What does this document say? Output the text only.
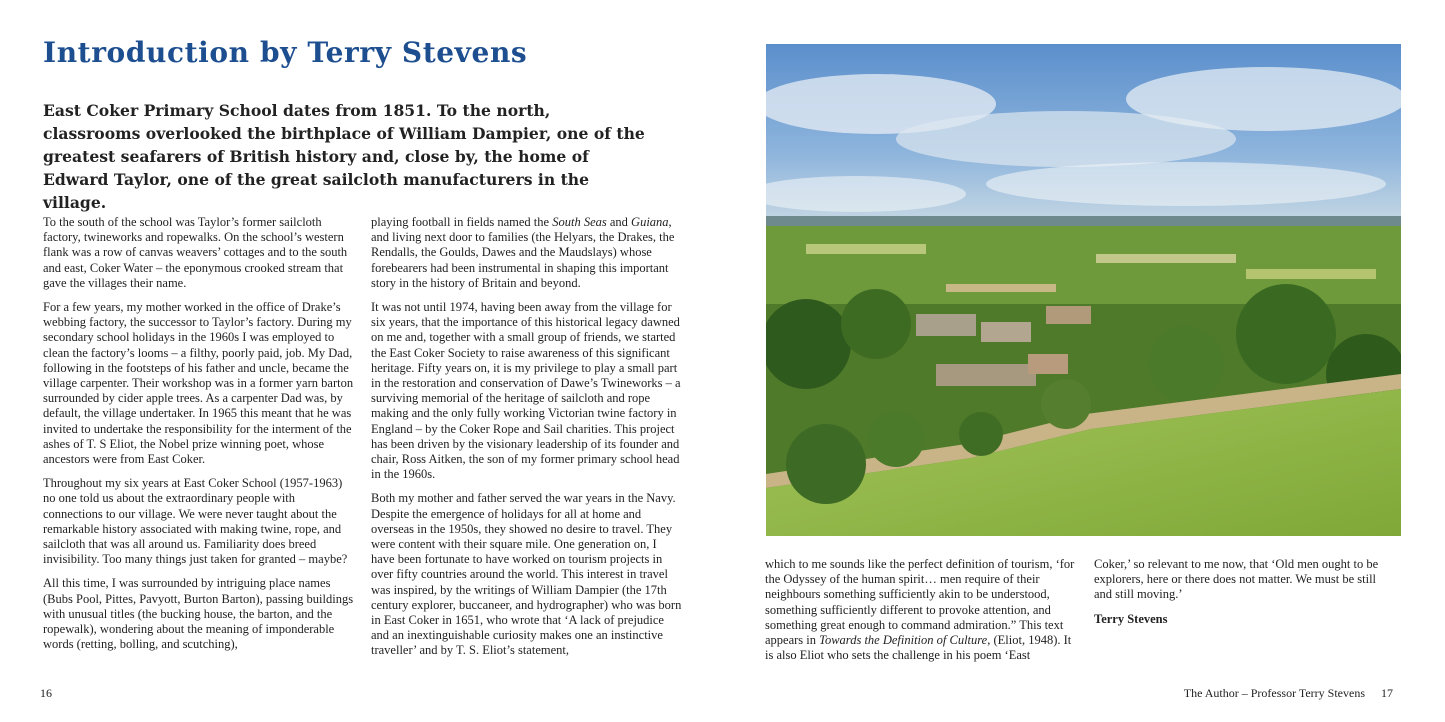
Introduction by Terry Stevens

East Coker Primary School dates from 1851. To the north, classrooms overlooked the birthplace of William Dampier, one of the greatest seafarers of British history and, close by, the home of Edward Taylor, one of the great sailcloth manufacturers in the village.

To the south of the school was Taylor’s former sailcloth factory, twineworks and ropewalks. On the school’s western flank was a row of canvas weavers’ cottages and to the south and east, Coker Water – the eponymous crooked stream that gave the villages their name.

For a few years, my mother worked in the office of Drake’s webbing factory, the successor to Taylor’s factory. During my secondary school holidays in the 1960s I was employed to clean the factory’s looms – a filthy, poorly paid, job. My Dad, following in the footsteps of his father and uncle, became the village carpenter. Their workshop was in a former yarn barton surrounded by cider apple trees. As a carpenter Dad was, by default, the village undertaker. In 1965 this meant that he was invited to undertake the responsibility for the interment of the ashes of T. S Eliot, the Nobel prize winning poet, whose ancestors were from East Coker.

Throughout my six years at East Coker School (1957-1963) no one told us about the extraordinary people with connections to our village. We were never taught about the remarkable history associated with making twine, rope, and sailcloth that was all around us. Familiarity does breed invisibility. Too many things just taken for granted – maybe?

All this time, I was surrounded by intriguing place names (Bubs Pool, Pittes, Pavyott, Burton Barton), passing buildings with unusual titles (the bucking house, the barton, and the ropewalk), wondering about the meaning of imponderable words (retting, bolling, and scutching),

playing football in fields named the South Seas and Guiana, and living next door to families (the Helyars, the Drakes, the Rendalls, the Goulds, Dawes and the Maudslays) whose forebearers had been instrumental in shaping this important story in the history of Britain and beyond.

It was not until 1974, having been away from the village for six years, that the importance of this historical legacy dawned on me and, together with a small group of friends, we started the East Coker Society to raise awareness of this significant heritage. Fifty years on, it is my privilege to play a small part in the restoration and conservation of Dawe’s Twineworks – a surviving memorial of the heritage of sailcloth and rope making and the only fully working Victorian twine factory in England – by the Coker Rope and Sail charities. This project has been driven by the visionary leadership of its founder and chair, Ross Aitken, the son of my former primary school head in the 1960s.

Both my mother and father served the war years in the Navy. Despite the emergence of holidays for all at home and overseas in the 1950s, they showed no desire to travel. They were content with their square mile. One generation on, I have been fortunate to have worked on tourism projects in over fifty countries around the world. This interest in travel was inspired, by the writings of William Dampier (the 17th century explorer, buccaneer, and hydrographer) who was born in East Coker in 1651, who wrote that ‘A lack of prejudice and an inextinguishable curiosity makes one an instinctive traveller’ and by T. S. Eliot’s statement,

which to me sounds like the perfect definition of tourism, ‘for the Odyssey of the human spirit… men require of their neighbours something sufficiently akin to be understood, something sufficiently different to provoke attention, and something great enough to command admiration.” This text appears in Towards the Definition of Culture, (Eliot, 1948). It is also Eliot who sets the challenge in his poem ‘East

Coker,’ so relevant to me now, that ‘Old men ought to be explorers, here or there does not matter. We must be still and still moving.’

Terry Stevens
16	The Author – Professor Terry Stevens 17
